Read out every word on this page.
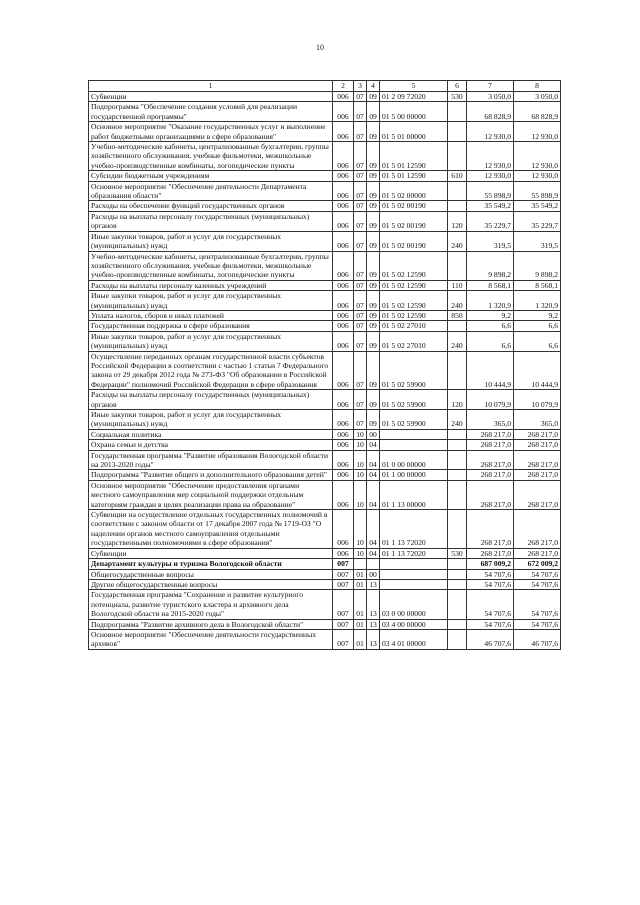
10
1	2	3	4	5	6	7	8
Субвенции	006	07	09	01 2 09 72020	530	3 050,0	3 050,0
Подпрограмма "Обеспечение создания условий для реализации государственной программы"	006	07	09	01 5 00 00000		68 828,9	68 828,9
Основное мероприятие "Оказание государственных услуг и выполнение работ бюджетными организациями в сфере образования"	006	07	09	01 5 01 00000		12 930,0	12 930,0
Учебно-методические кабинеты, централизованные бухгалтерии, группы хозяйственного обслуживания, учебные фильмотеки, межшкольные учебно-производственные комбинаты, логопедические пункты	006	07	09	01 5 01 12590		12 930,0	12 930,0
Субсидии бюджетным учреждениям	006	07	09	01 5 01 12590	610	12 930,0	12 930,0
Основное мероприятие "Обеспечение деятельности Департамента образования области"	006	07	09	01 5 02 00000		55 898,9	55 898,9
Расходы на обеспечение функций государственных органов	006	07	09	01 5 02 00190		35 549,2	35 549,2
Расходы на выплаты персоналу государственных (муниципальных) органов	006	07	09	01 5 02 00190	120	35 229,7	35 229,7
Иные закупки товаров, работ и услуг для государственных (муниципальных) нужд	006	07	09	01 5 02 00190	240	319,5	319,5
Учебно-методические кабинеты, централизованные бухгалтерии, группы хозяйственного обслуживания, учебные фильмотеки, межшкольные учебно-производственные комбинаты, логопедические пункты	006	07	09	01 5 02 12590		9 898,2	9 898,2
Расходы на выплаты персоналу казенных учреждений	006	07	09	01 5 02 12590	110	8 568,1	8 568,1
Иные закупки товаров, работ и услуг для государственных (муниципальных) нужд	006	07	09	01 5 02 12590	240	1 320,9	1 320,9
Уплата налогов, сборов и иных платежей	006	07	09	01 5 02 12590	850	9,2	9,2
Государственная поддержка в сфере образования	006	07	09	01 5 02 27010		6,6	6,6
Иные закупки товаров, работ и услуг для государственных (муниципальных) нужд	006	07	09	01 5 02 27010	240	6,6	6,6
Осуществление переданных органам государственной власти субъектов Российской Федерации в соответствии с частью 1 статьи 7 Федерального закона от 29 декабря 2012 года № 273-ФЗ "Об образовании в Российской Федерации" полномочий Российской Федерации в сфере образования	006	07	09	01 5 02 59900		10 444,9	10 444,9
Расходы на выплаты персоналу государственных (муниципальных) органов	006	07	09	01 5 02 59900	120	10 079,9	10 079,9
Иные закупки товаров, работ и услуг для государственных (муниципальных) нужд	006	07	09	01 5 02 59900	240	365,0	365,0
Социальная политика	006	10	00			268 217,0	268 217,0
Охрана семьи и детства	006	10	04			268 217,0	268 217,0
Государственная программа "Развитие образования Вологодской области на 2013-2020 годы"	006	10	04	01 0 00 00000		268 217,0	268 217,0
Подпрограмма "Развитие общего и дополнительного образования детей"	006	10	04	01 1 00 00000		268 217,0	268 217,0
Основное мероприятие "Обеспечение предоставления органами местного самоуправления мер социальной поддержки отдельным категориям граждан в целях реализации права на образование"	006	10	04	01 1 13 00000		268 217,0	268 217,0
Субвенции на осуществление отдельных государственных полномочий в соответствии с законом области от 17 декабря 2007 года № 1719-ОЗ "О наделении органов местного самоуправления отдельными государственными полномочиями в сфере образования"	006	10	04	01 1 13 72020		268 217,0	268 217,0
Субвенции	006	10	04	01 1 13 72020	530	268 217,0	268 217,0
Департамент культуры и туризма Вологодской области	007					687 009,2	672 009,2
Общегосударственные вопросы	007	01	00			54 707,6	54 707,6
Другие общегосударственные вопросы	007	01	13			54 707,6	54 707,6
Государственная программа "Сохранение и развитие культурного потенциала, развитие туристского кластера и архивного дела Вологодской области на 2015-2020 годы"	007	01	13	03 0 00 00000		54 707,6	54 707,6
Подпрограмма "Развитие архивного дела в Вологодской области"	007	01	13	03 4 00 00000		54 707,6	54 707,6
Основное мероприятие "Обеспечение деятельности государственных архивов"	007	01	13	03 4 01 00000		46 707,6	46 707,6
